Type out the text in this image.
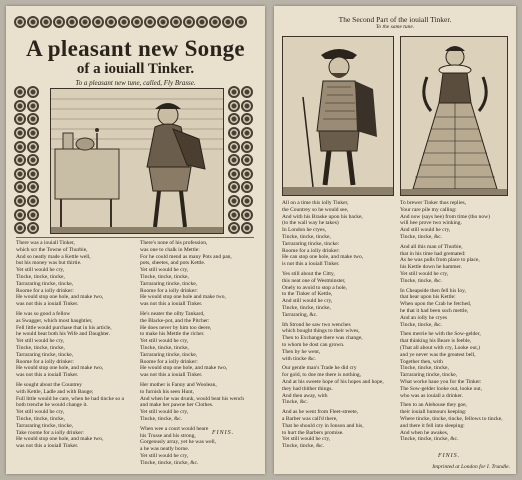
A pleasant new Songe
of a iouiall Tinker.
To a pleasant new tune, called, Fly Brasse.

There was a iouiall Tinker,

which scr the Towne of Thurbie,

And so neatly made a Kettle well,

but his money was but thirtie.

Yet still would he cry,

Tincke, tincke, tincke,

Tarrararing tincke, tincke,

Roome for a iolly drinker:

He would stop one hole, and make two,

was not this a iouiall Tinker.

He was so good a fellow

as Swagger, which most haughtier,

Fell little would purchase that in his article,

he would beat both his Wife and Daughter.

Yet still would he cry,

Tincke, tincke, tincke,

Tarrararing tincke, tincke,

Roome for a iolly drinker:

He would stop one hole, and make two,

was not this a iouiall Tinker.

He sought about the Countrey

with Kettle, Ladle and with Bauge;

Full little would he care, when he had tincke so a

both trenche he would change it.

Yet still would he cry,

Tincke, tincke, tincke,

Tarrararing tincke, tincke,

Take roome for a iolly drinker:

He would stop one hole, and make two,

was not this a iouiall Tinker.

There's none of his profession,

was one to chalk in Mettle:

For he could mend as many Pots and pan,

pots, sheetes, and pots Kettle.

Yet still would he cry,

Tincke, tincke, tincke,

Tarrararing tincke, tincke,

Roome for a iolly drinker:

He would stop one hole and make two,

was not this a iouiall Tinker.

He's neater the ollty Tankard,

the Blacke-pot, and the Pitcher:

He does never by him too deere,

to make his Mettle the richer.

Yet still would he cry,

Tincke, tincke, tincke,

Tarrararing tincke, tincke,

Roome for a iolly drinker:

He would stop one hole, and make two,

was not this a iouiall Tinker.

Her mother is Fanny and Woolean,

to furnish his seen Hunt,

And when he was drunk, would beat his wench

and make her pawne her Clothes.

Yet still would he cry,

Tincke, tincke, &c.

When wee a court would heare

his Trusse and his strong,

Gorgeously array, yet he was well,

a he was neatly borne.

Yet still would he cry,

Tincke, tincke, tincke, &c.

FINIS.
The Second Part of the iouiall Tinker.
To the same tune.

All on a time this iolly Tinker,

the Countrey so he would see,

And with his Braske upon his backe,

(to the wall way he takes)

In London he cryes,

Tincke, tincke, tincke,

Tarrararing tincke, tincke:

Roome for a iolly drinker:

He can stop one hole, and make two,

is not this a iouiall Tinker.

Yes still about the Citty,

this neat one of Westminster,

Onely to avoid to stop a hole,

to the Tinker of Kettle,

And still would he cry,

Tincke, tincke, tincke,

Tarrararing, &c.

Ith Strond he saw two wenches

which bought things to their wives,

Then to Exchange there was change,

to whom he dost can grown.

Then by he went,

with tincke &c.

Our gentle man's Trade he did cry

for gold, to doe me there is nothing,

And at his sweete hope of his hopes and hope,

they had thither things.

And then away, with

Tincke, &c.

And as he went from Fleet-streete,

a Barber was call'd there,

That he should cry in Ionson and his,

to hurt the Barbers promise.

Yet still would he cry,

Tincke, tincke, &c.

To brewer Tinker thus replies,

Your rare pile my calling:

And now (says hee) from time (tho now)

will hee prove two winking.

And still would he cry,

Tincke, tincke, &c.

And all this man of Thurbie,

that in his time had gremated:

As he was pulls from place to place,

his Kettle down he hammer.

Yet still would he cry,

Tincke, tincke, &c.

In Cheapside then fell his Ioy,

that hear upon his Kettle:

When upon the Crab he fetched,

he that it had been such mettle,

And an iolly he cryes

Tincke, tincke, &c.

Then merrie he with the Sow-gelder,

that thinking his Beare is feeble,

(That all about with cry, Looke out,)

and ye never was the greatest bell,

Together then, with

Tincke, tincke, tincke,

Tarrararing tincke, tincke,

What worke haue you for the Tinker:

The Sow-gelder looke out, looke out,

who was as iouiall a drinker.

Then to an Alehouse they goe,

their iouiall humours keeping:

Where tincke, tincke, tincke, fellows to tincke,

and there it fell into sleeping:

And when he awakes,

Tincke, tincke, tincke, &c.

FINIS.
Imprinted at London for I. Trundle.
